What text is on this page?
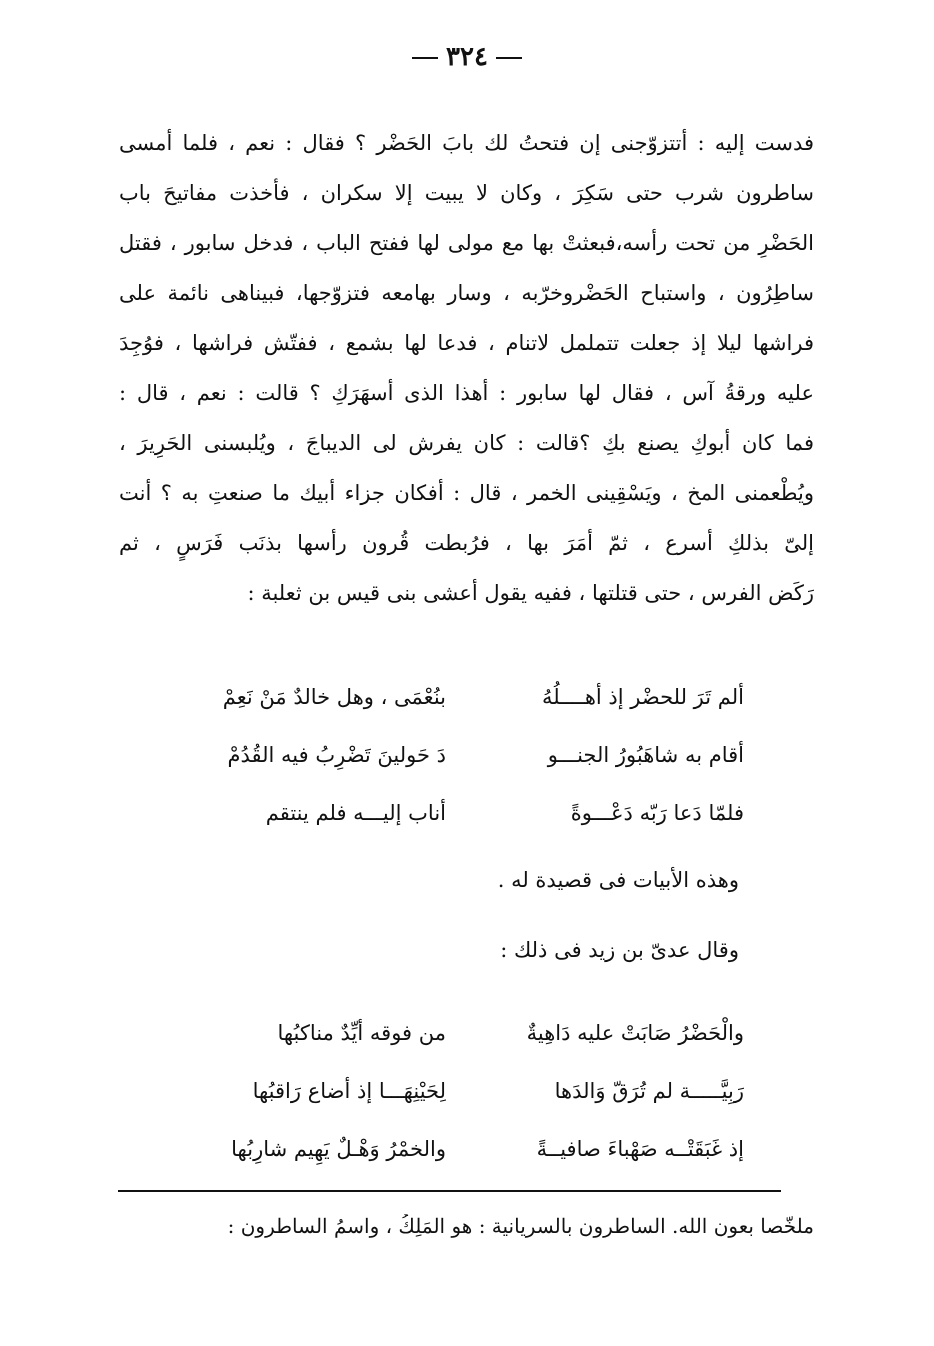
٣٢٤
فدست إليه : أتتزوّجنى إن فتحتُ لك بابَ الحَضْر ؟ فقال : نعم ، فلما أمسى
ساطرون شرب حتى سَكِرَ ، وكان لا يبيت إلا سكران ، فأخذت مفاتيحَ باب
الحَضْرِ من تحت رأسه،فبعثتْ بها مع مولى لها ففتح الباب ، فدخل سابور ، فقتل
ساطِرُون ، واستباح الحَضْروخرّبه ، وسار بهامعه فتزوّجها، فبيناهى نائمة على
فراشها ليلا إذ جعلت تتململ لاتنام ، فدعا لها بشمع ، ففتّش فراشها ، فوُجِدَ
عليه ورقةُ آس ، فقال لها سابور : أهذا الذى أسهَرَكِ ؟ قالت : نعم ، قال :
فما كان أبوكِ يصنع بكِ ؟قالت : كان يفرش لى الديباجَ ، ويُلبسنى الحَرِيرَ ،
ويُطْعمنى المخ ، ويَسْقِينى الخمر ، قال : أفكان جزاء أبيك ما صنعتِ به ؟ أنت
إلىّ بذلكِ أسرع ، ثمّ أمَرَ بها ، فرُبطت قُرون رأسها بذنَب فَرَسٍ ، ثم
رَكَض الفرس ، حتى قتلتها ، ففيه يقول أعشى بنى قيس بن ثعلبة :
ألم تَرَ للحضْر إذ أهــــلُهُ
بنُعْمَى ، وهل خالدٌ مَنْ نَعِمْ
أقام به شاهَبُورُ الجنـــو
دَ حَولينَ تَضْرِبُ فيه القُدُمْ
فلمّا دَعا رَبّه دَعْـــوةً
أناب إليـــه فلم ينتقم
وهذه الأبيات فى قصيدة له .
وقال عدىّ بن زيد فى ذلك :
والْحَضْرُ صَابَتْ عليه دَاهِيةٌ
من فوقه أيِّدٌ مناكبُها
رَبِيَّـــــة لم تُرَقّ وَالدَها
لِحَيْنِهَـــا إذ أضاع رَاقبُها
إذ غَبَقَتْــه صَهْباءَ صافيــةً
والخمْرُ وَهْـلٌ يَهِيم شارِبُها
ملخّصا بعون الله. الساطرون بالسريانية : هو المَلِكُ ، واسمُ الساطرون :
